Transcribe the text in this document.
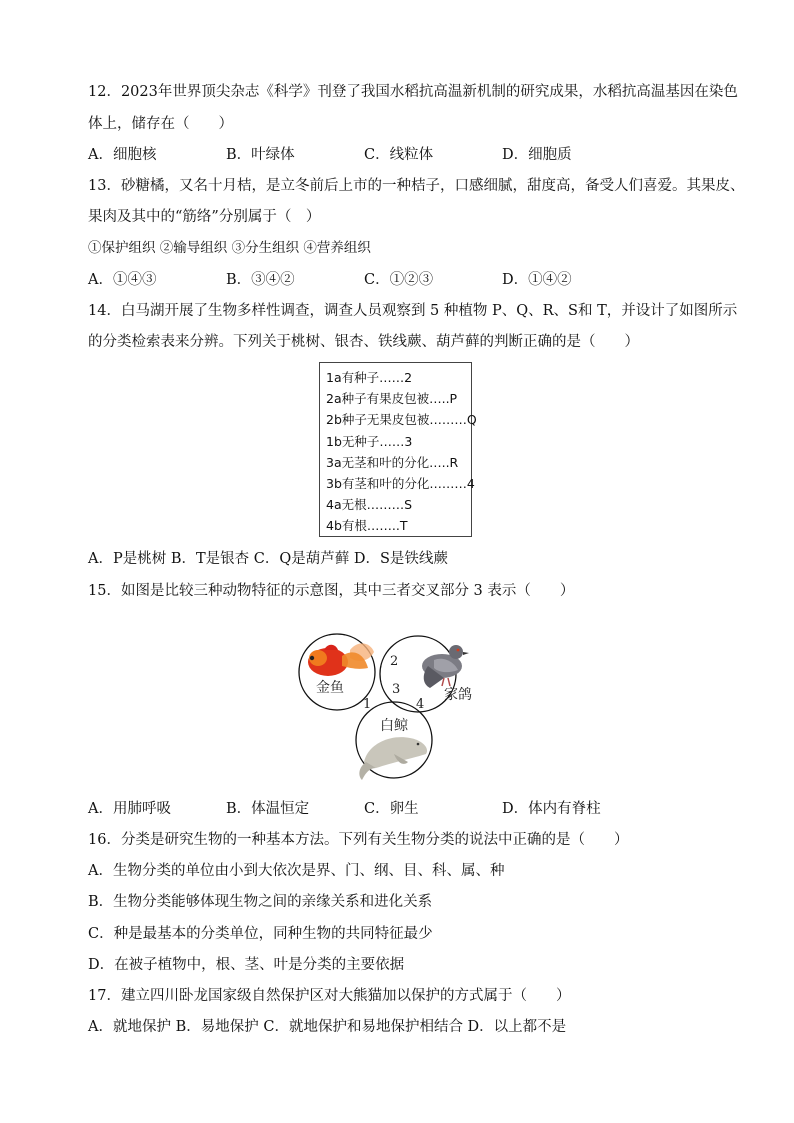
12．2023年世界顶尖杂志《科学》刊登了我国水稻抗高温新机制的研究成果，水稻抗高温基因在染色
体上，储存在（　　）
A．细胞核	B．叶绿体	C．线粒体	D．细胞质
13．砂糖橘，又名十月桔，是立冬前后上市的一种桔子，口感细腻，甜度高，备受人们喜爱。其果皮、
果肉及其中的“筋络”分别属于（　）
①保护组织 ②输导组织 ③分生组织 ④营养组织
A．①④③	B．③④②	C．①②③	D．①④②
14．白马湖开展了生物多样性调查，调查人员观察到 5 种植物 P、Q、R、S和 T，并设计了如图所示
的分类检索表来分辨。下列关于桃树、银杏、铁线蕨、葫芦藓的判断正确的是（　　）
1a有种子……2
2a种子有果皮包被…..P
2b种子无果皮包被………Q
1b无种子……3
3a无茎和叶的分化…..R
3b有茎和叶的分化………4
4a无根………S
4b有根……..T
A．P是桃树 B．T是银杏 C．Q是葫芦藓 D．S是铁线蕨
15．如图是比较三种动物特征的示意图，其中三者交叉部分 3 表示（　　）
金鱼	家鸽
白鲸
1
2
3
4
A．用肺呼吸	B．体温恒定	C．卵生	D．体内有脊柱
16．分类是研究生物的一种基本方法。下列有关生物分类的说法中正确的是（　　）
A．生物分类的单位由小到大依次是界、门、纲、目、科、属、种
B．生物分类能够体现生物之间的亲缘关系和进化关系
C．种是最基本的分类单位，同种生物的共同特征最少
D．在被子植物中，根、茎、叶是分类的主要依据
17．建立四川卧龙国家级自然保护区对大熊猫加以保护的方式属于（　　）
A．就地保护 B．易地保护 C．就地保护和易地保护相结合 D．以上都不是
